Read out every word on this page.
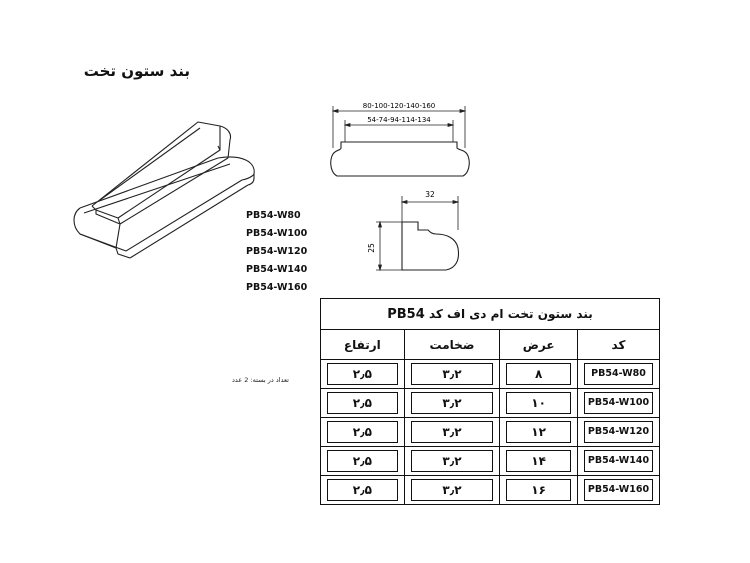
بند ستون تخت
PB54-W80
PB54-W100
PB54-W120
PB54-W140
PB54-W160
تعداد در بسته: 2 عدد
80-100-120-140-160
54-74-94-114-134
32
25
بند ستون تخت ام دی اف کد PB54			
ارتفاع	ضخامت	عرض	کد

۲٫۵	۳٫۲	۸	PB54-W80

۲٫۵	۳٫۲	۱۰	PB54-W100

۲٫۵	۳٫۲	۱۲	PB54-W120

۲٫۵	۳٫۲	۱۴	PB54-W140

۲٫۵	۳٫۲	۱۶	PB54-W160
